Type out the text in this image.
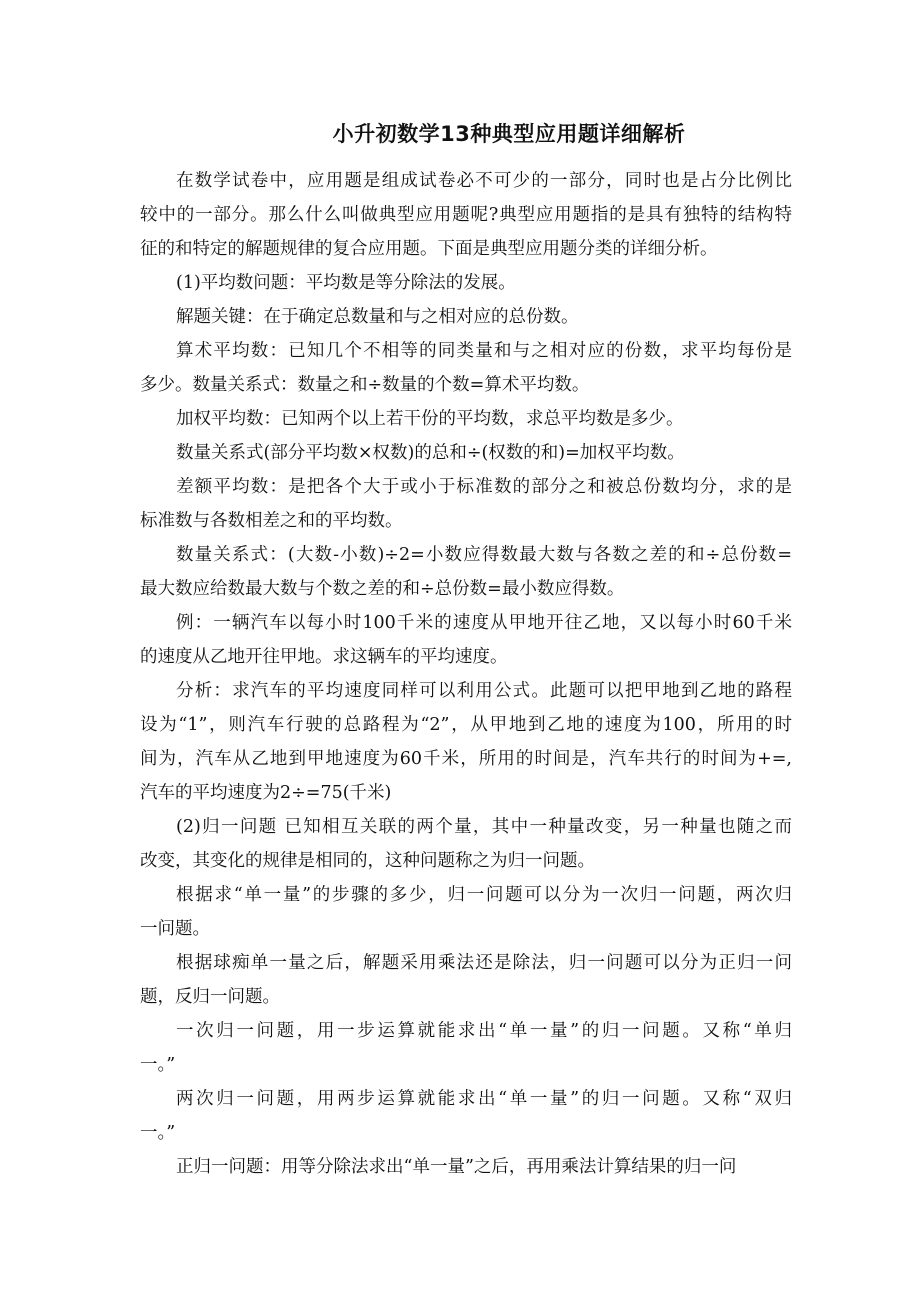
小升初数学13种典型应用题详细解析
在数学试卷中，应用题是组成试卷必不可少的一部分，同时也是占分比例比
较中的一部分。那么什么叫做典型应用题呢?典型应用题指的是具有独特的结构特
征的和特定的解题规律的复合应用题。下面是典型应用题分类的详细分析。
(1)平均数问题：平均数是等分除法的发展。
解题关键：在于确定总数量和与之相对应的总份数。
算术平均数：已知几个不相等的同类量和与之相对应的份数，求平均每份是
多少。数量关系式：数量之和÷数量的个数=算术平均数。
加权平均数：已知两个以上若干份的平均数，求总平均数是多少。
数量关系式(部分平均数×权数)的总和÷(权数的和)=加权平均数。
差额平均数：是把各个大于或小于标准数的部分之和被总份数均分，求的是
标准数与各数相差之和的平均数。
数量关系式：(大数-小数)÷2=小数应得数最大数与各数之差的和÷总份数=
最大数应给数最大数与个数之差的和÷总份数=最小数应得数。
例：一辆汽车以每小时100千米的速度从甲地开往乙地，又以每小时60千米
的速度从乙地开往甲地。求这辆车的平均速度。
分析：求汽车的平均速度同样可以利用公式。此题可以把甲地到乙地的路程
设为“1”，则汽车行驶的总路程为“2”，从甲地到乙地的速度为100，所用的时
间为，汽车从乙地到甲地速度为60千米，所用的时间是，汽车共行的时间为+=,
汽车的平均速度为2÷=75(千米)
(2)归一问题 已知相互关联的两个量，其中一种量改变，另一种量也随之而
改变，其变化的规律是相同的，这种问题称之为归一问题。
根据求“单一量”的步骤的多少，归一问题可以分为一次归一问题，两次归
一问题。
根据球痴单一量之后，解题采用乘法还是除法，归一问题可以分为正归一问
题，反归一问题。
一次归一问题，用一步运算就能求出“单一量”的归一问题。又称“单归
一。”
两次归一问题，用两步运算就能求出“单一量”的归一问题。又称“双归
一。”
正归一问题：用等分除法求出“单一量”之后，再用乘法计算结果的归一问
